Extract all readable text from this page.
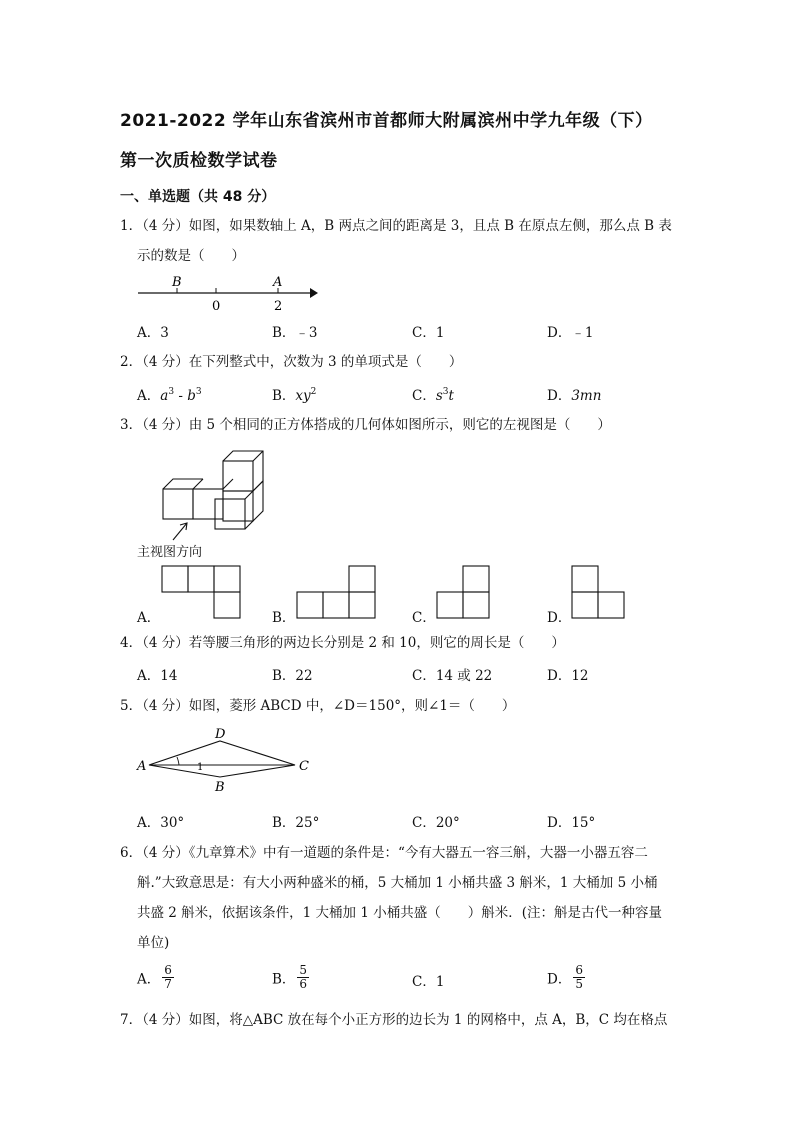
2021-2022 学年山东省滨州市首都师大附属滨州中学九年级（下）
第一次质检数学试卷
一、单选题（共 48 分）
1．（4 分）如图，如果数轴上 A，B 两点之间的距离是 3，且点 B 在原点左侧，那么点 B 表
示的数是（　　）
B	A
0	2
A．3	B．﹣3	C．1	D．﹣1
2．（4 分）在下列整式中，次数为 3 的单项式是（　　）
A．$a^3 - b^3$	B．$xy^2$	C．$s^3t$	D．3mn
3．（4 分）由 5 个相同的正方体搭成的几何体如图所示，则它的左视图是（　　）
主视图方向
A．	B．	C．	D．
4．（4 分）若等腰三角形的两边长分别是 2 和 10，则它的周长是（　　）
A．14	B．22	C．14 或 22	D．12
5．（4 分）如图，菱形 ABCD 中，∠D＝150°，则∠1＝（　　）
A
D
C
B
1
A．30°	B．25°	C．20°	D．15°
6．（4 分）《九章算术》中有一道题的条件是：“今有大器五一容三斛，大器一小器五容二
斛.”大致意思是：有大小两种盛米的桶，5 大桶加 1 小桶共盛 3 斛米，1 大桶加 5 小桶
共盛 2 斛米，依据该条件，1 大桶加 1 小桶共盛（　　）斛米．(注：斛是古代一种容量
单位)
A． $\frac{6}{7}$	B． $\frac{5}{6}$	C．1	D． $\frac{6}{5}$
7．（4 分）如图，将△ABC 放在每个小正方形的边长为 1 的网格中，点 A，B，C 均在格点
